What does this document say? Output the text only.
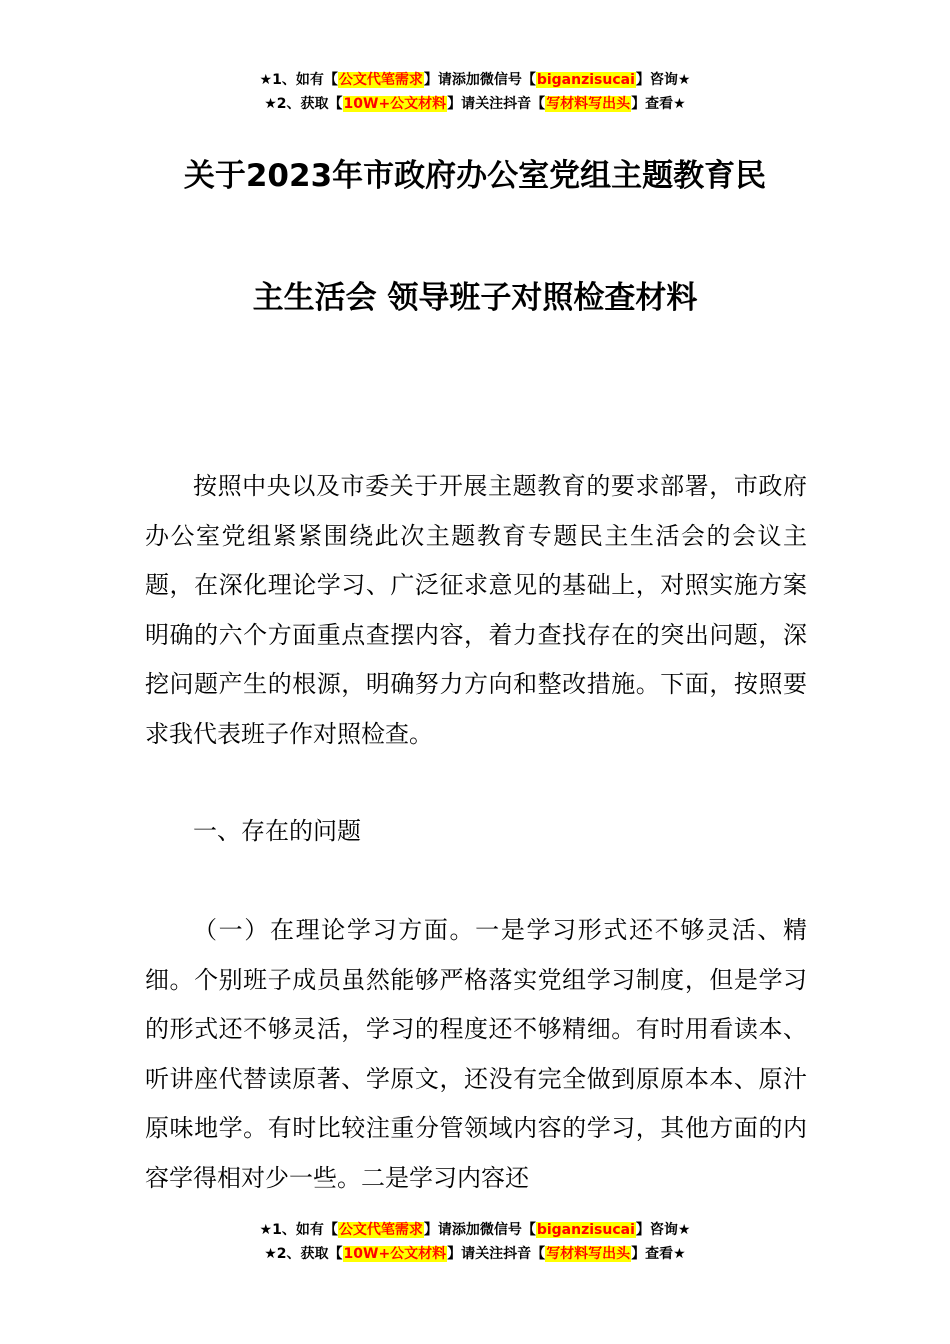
★1、如有【公文代笔需求】请添加微信号【biganzisucai】咨询★
★2、获取【10W+公文材料】请关注抖音【写材料写出头】查看★
关于2023年市政府办公室党组主题教育民
主生活会 领导班子对照检查材料

按照中央以及市委关于开展主题教育的要求部署，市政府办公室党组紧紧围绕此次主题教育专题民主生活会的会议主题，在深化理论学习、广泛征求意见的基础上，对照实施方案明确的六个方面重点查摆内容，着力查找存在的突出问题，深挖问题产生的根源，明确努力方向和整改措施。下面，按照要求我代表班子作对照检查。

一、存在的问题

（一）在理论学习方面。一是学习形式还不够灵活、精细。个别班子成员虽然能够严格落实党组学习制度，但是学习的形式还不够灵活，学习的程度还不够精细。有时用看读本、听讲座代替读原著、学原文，还没有完全做到原原本本、原汁原味地学。有时比较注重分管领域内容的学习，其他方面的内容学得相对少一些。二是学习内容还

★1、如有【公文代笔需求】请添加微信号【biganzisucai】咨询★
★2、获取【10W+公文材料】请关注抖音【写材料写出头】查看★
